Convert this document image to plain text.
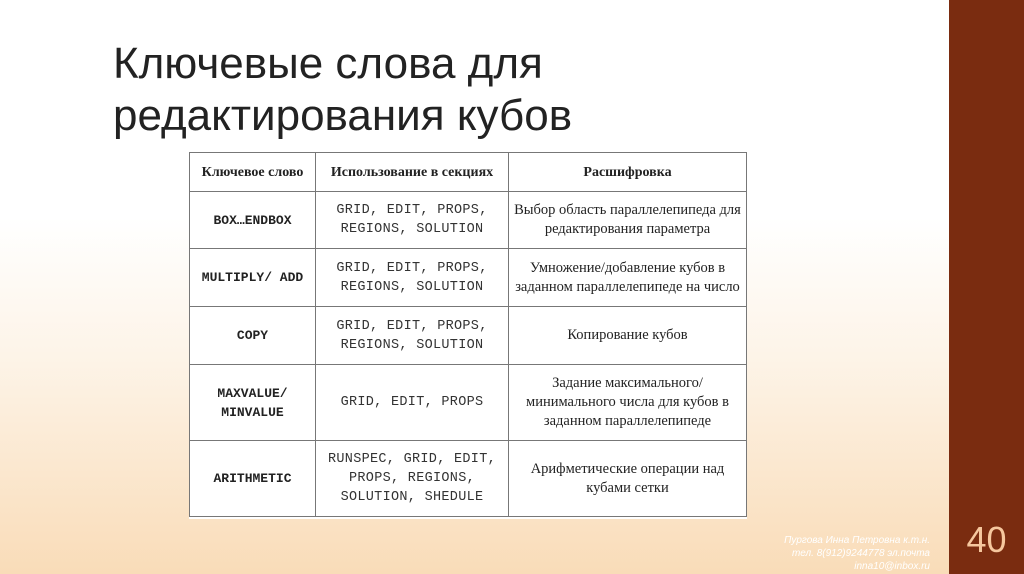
40
Ключевые слова для
редактирования кубов
Ключевое слово	Использование в секциях	Расшифровка
BOX…ENDBOX	GRID, EDIT, PROPS, REGIONS, SOLUTION	Выбор область параллелепипеда для редактирования параметра
MULTIPLY/ ADD	GRID, EDIT, PROPS, REGIONS, SOLUTION	Умножение/добавление кубов в заданном параллелепипеде на число
COPY	GRID, EDIT, PROPS, REGIONS, SOLUTION	Копирование кубов
MAXVALUE/ MINVALUE	GRID, EDIT, PROPS	Задание максимального/минимального числа для кубов в заданном параллелепипеде
ARITHMETIC	RUNSPEC, GRID, EDIT, PROPS, REGIONS, SOLUTION, SHEDULE	Арифметические операции над кубами сетки
Пургова Инна Петровна к.т.н.
тел. 8(912)9244778 эл.почта
inna10@inbox.ru
